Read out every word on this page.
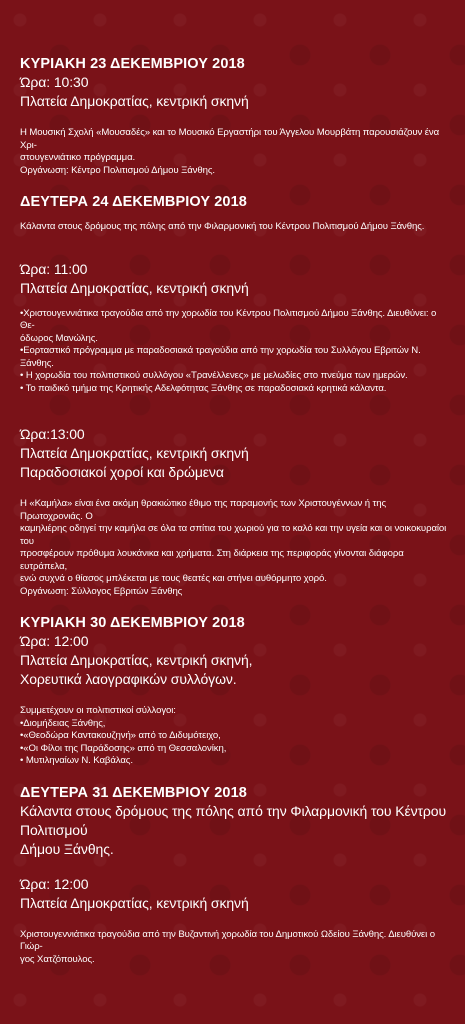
ΚΥΡΙΑΚΗ 23 ΔΕΚΕΜΒΡΙΟΥ 2018

Ώρα: 10:30

Πλατεία Δημοκρατίας, κεντρική σκηνή

Η Μουσική Σχολή «Μουσαδές» και το Μουσικό Εργαστήρι του Άγγελου Μουρβάτη παρουσιάζουν ένα Χρι-

στουγεννιάτικο πρόγραμμα.

Οργάνωση: Κέντρο Πολιτισμού Δήμου Ξάνθης.

ΔΕΥΤΕΡΑ 24 ΔΕΚΕΜΒΡΙΟΥ 2018

Κάλαντα στους δρόμους της πόλης από την Φιλαρμονική του Κέντρου Πολιτισμού Δήμου Ξάνθης.

Ώρα: 11:00

Πλατεία Δημοκρατίας, κεντρική σκηνή

•Χριστουγεννιάτικα τραγούδια από την χορωδία του Κέντρου Πολιτισμού Δήμου Ξάνθης. Διευθύνει: ο Θε-
όδωρος Μανώλης.
•Εορταστικό πρόγραμμα με παραδοσιακά τραγούδια από την χορωδία του Συλλόγου Εβριτών Ν. Ξάνθης.
• Η χορωδία του πολιτιστικού συλλόγου «Τρανέλλενες» με μελωδίες στο πνεύμα των ημερών.
• Το παιδικό τμήμα της Κρητικής Αδελφότητας Ξάνθης σε παραδοσιακά κρητικά κάλαντα.

Ώρα:13:00

Πλατεία Δημοκρατίας, κεντρική σκηνή

Παραδοσιακοί χοροί και δρώμενα

Η «Καμήλα» είναι ένα ακόμη θρακιώτικο έθιμο της παραμονής των Χριστουγέννων ή της Πρωτοχρονιάς. Ο

καμηλιέρης οδηγεί την καμήλα σε όλα τα σπίτια του χωριού για το καλό και την υγεία και οι νοικοκυραίοι του

προσφέρουν πρόθυμα λουκάνικα και χρήματα. Στη διάρκεια της περιφοράς γίνονται διάφορα ευτράπελα,

ενώ συχνά ο θίασος μπλέκεται με τους θεατές και στήνει αυθόρμητο χορό.

Οργάνωση: Σύλλογος Εβριτών Ξάνθης

ΚΥΡΙΑΚΗ 30 ΔΕΚΕΜΒΡΙΟΥ 2018

Ώρα: 12:00

Πλατεία Δημοκρατίας, κεντρική σκηνή,

Χορευτικά λαογραφικών συλλόγων.

Συμμετέχουν οι πολιτιστικοί σύλλογοι:

•Διομήδειας Ξάνθης,
•«Θεοδώρα Καντακουζηνή» από το Διδυμότειχο,
•«Οι Φίλοι της Παράδοσης» από τη Θεσσαλονίκη,
• Μυτιληναίων Ν. Καβάλας.

ΔΕΥΤΕΡΑ 31 ΔΕΚΕΜΒΡΙΟΥ 2018

Κάλαντα στους δρόμους της πόλης από την Φιλαρμονική του Κέντρου Πολιτισμού

Δήμου Ξάνθης.

Ώρα: 12:00

Πλατεία Δημοκρατίας, κεντρική σκηνή

Χριστουγεννιάτικα τραγούδια από την Βυζαντινή χορωδία του Δημοτικού Ωδείου Ξάνθης. Διευθύνει ο Γιώρ-

γος Χατζόπουλος.
